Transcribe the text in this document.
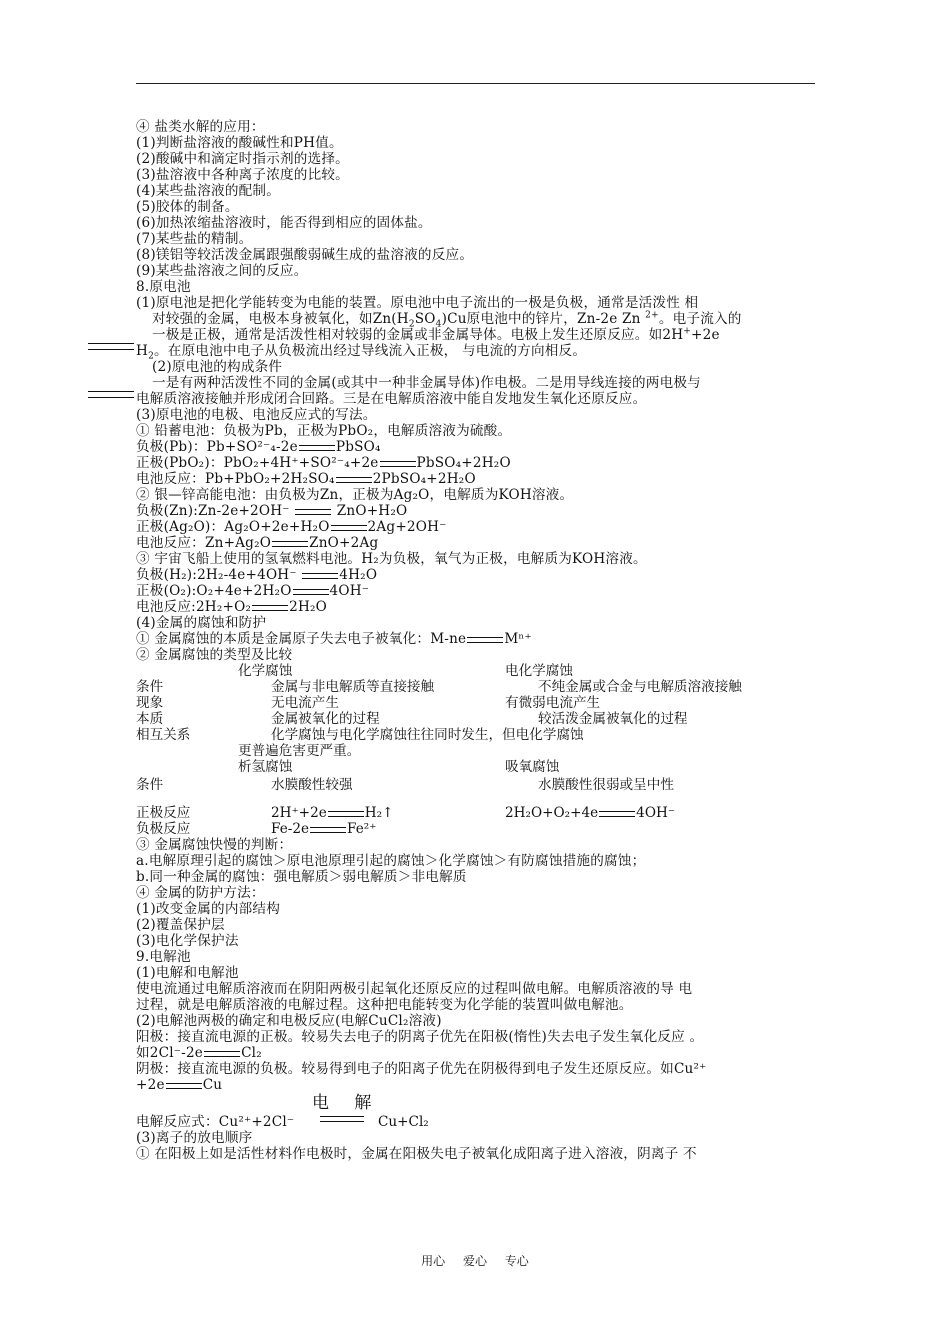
④ 盐类水解的应用：
(1)判断盐溶液的酸碱性和PH值。
(2)酸碱中和滴定时指示剂的选择。
(3)盐溶液中各种离子浓度的比较。
(4)某些盐溶液的配制。
(5)胶体的制备。
(6)加热浓缩盐溶液时，能否得到相应的固体盐。
(7)某些盐的精制。
(8)镁铝等较活泼金属跟强酸弱碱生成的盐溶液的反应。
(9)某些盐溶液之间的反应。
8.原电池
(1)原电池是把化学能转变为电能的装置。原电池中电子流出的一极是负极，通常是活泼性 相
对较强的金属，电极本身被氧化，如$Zn(H_2SO_4)Cu$原电池中的锌片，Zn-2e Zn $^{2+}$。电子流入的
一极是正极，通常是活泼性相对较弱的金属或非金属导体。电极上发生还原反应。如2H++2e
$H_2$。在原电池中电子从负极流出经过导线流入正极， 与电流的方向相反。
(2)原电池的构成条件
一是有两种活泼性不同的金属(或其中一种非金属导体)作电极。二是用导线连接的两电极与
电解质溶液接触并形成闭合回路。三是在电解质溶液中能自发地发生氧化还原反应。
(3)原电池的电极、电池反应式的写法。
① 铅蓄电池：负极为Pb，正极为PbO₂，电解质溶液为硫酸。
负极(Pb)：Pb+SO²⁻₄-2e	PbSO₄
正极(PbO₂)：PbO₂+4H⁺+SO²⁻₄+2e	PbSO₄+2H₂O
电池反应：Pb+PbO₂+2H₂SO₄	2PbSO₄+2H₂O
② 银—锌高能电池：由负极为Zn，正极为Ag₂O，电解质为KOH溶液。
负极(Zn):Zn-2e+2OH⁻	ZnO+H₂O
正极(Ag₂O)：Ag₂O+2e+H₂O	2Ag+2OH⁻
电池反应：Zn+Ag₂O	ZnO+2Ag
③ 宇宙飞船上使用的氢氧燃料电池。H₂为负极，氧气为正极，电解质为KOH溶液。
负极(H₂):2H₂-4e+4OH⁻	4H₂O
正极(O₂):O₂+4e+2H₂O	4OH⁻
电池反应:2H₂+O₂	2H₂O
(4)金属的腐蚀和防护
① 金属腐蚀的本质是金属原子失去电子被氧化：M-ne	Mⁿ⁺
② 金属腐蚀的类型及比较
化学腐蚀	电化学腐蚀
条件	金属与非电解质等直接接触	不纯金属或合金与电解质溶液接触
现象	无电流产生	有微弱电流产生
本质	金属被氧化的过程	较活泼金属被氧化的过程
相互关系	化学腐蚀与电化学腐蚀往往同时发生，但电化学腐蚀
更普遍危害更严重。
析氢腐蚀	吸氧腐蚀
条件	水膜酸性较强	水膜酸性很弱或呈中性
正极反应	2H⁺+2e	H₂↑	2H₂O+O₂+4e	4OH⁻
负极反应	Fe-2e	Fe²⁺
③ 金属腐蚀快慢的判断：
a.电解原理引起的腐蚀＞原电池原理引起的腐蚀＞化学腐蚀＞有防腐蚀措施的腐蚀；
b.同一种金属的腐蚀：强电解质＞弱电解质＞非电解质
④ 金属的防护方法：
(1)改变金属的内部结构
(2)覆盖保护层
(3)电化学保护法
9.电解池
(1)电解和电解池
使电流通过电解质溶液而在阴阳两极引起氧化还原反应的过程叫做电解。电解质溶液的导 电
过程，就是电解质溶液的电解过程。这种把电能转变为化学能的装置叫做电解池。
(2)电解池两极的确定和电极反应(电解CuCl₂溶液)
阳极：接直流电源的正极。较易失去电子的阴离子优先在阳极(惰性)失去电子发生氧化反应 。
如2Cl⁻-2e	Cl₂
阴极：接直流电源的负极。较易得到电子的阳离子优先在阴极得到电子发生还原反应。如Cu²⁺
+2e	Cu
电 解
电解反应式：Cu²⁺+2Cl⁻	Cu+Cl₂
(3)离子的放电顺序
① 在阳极上如是活性材料作电极时，金属在阳极失电子被氧化成阳离子进入溶液，阴离子 不
用心 爱心 专心
